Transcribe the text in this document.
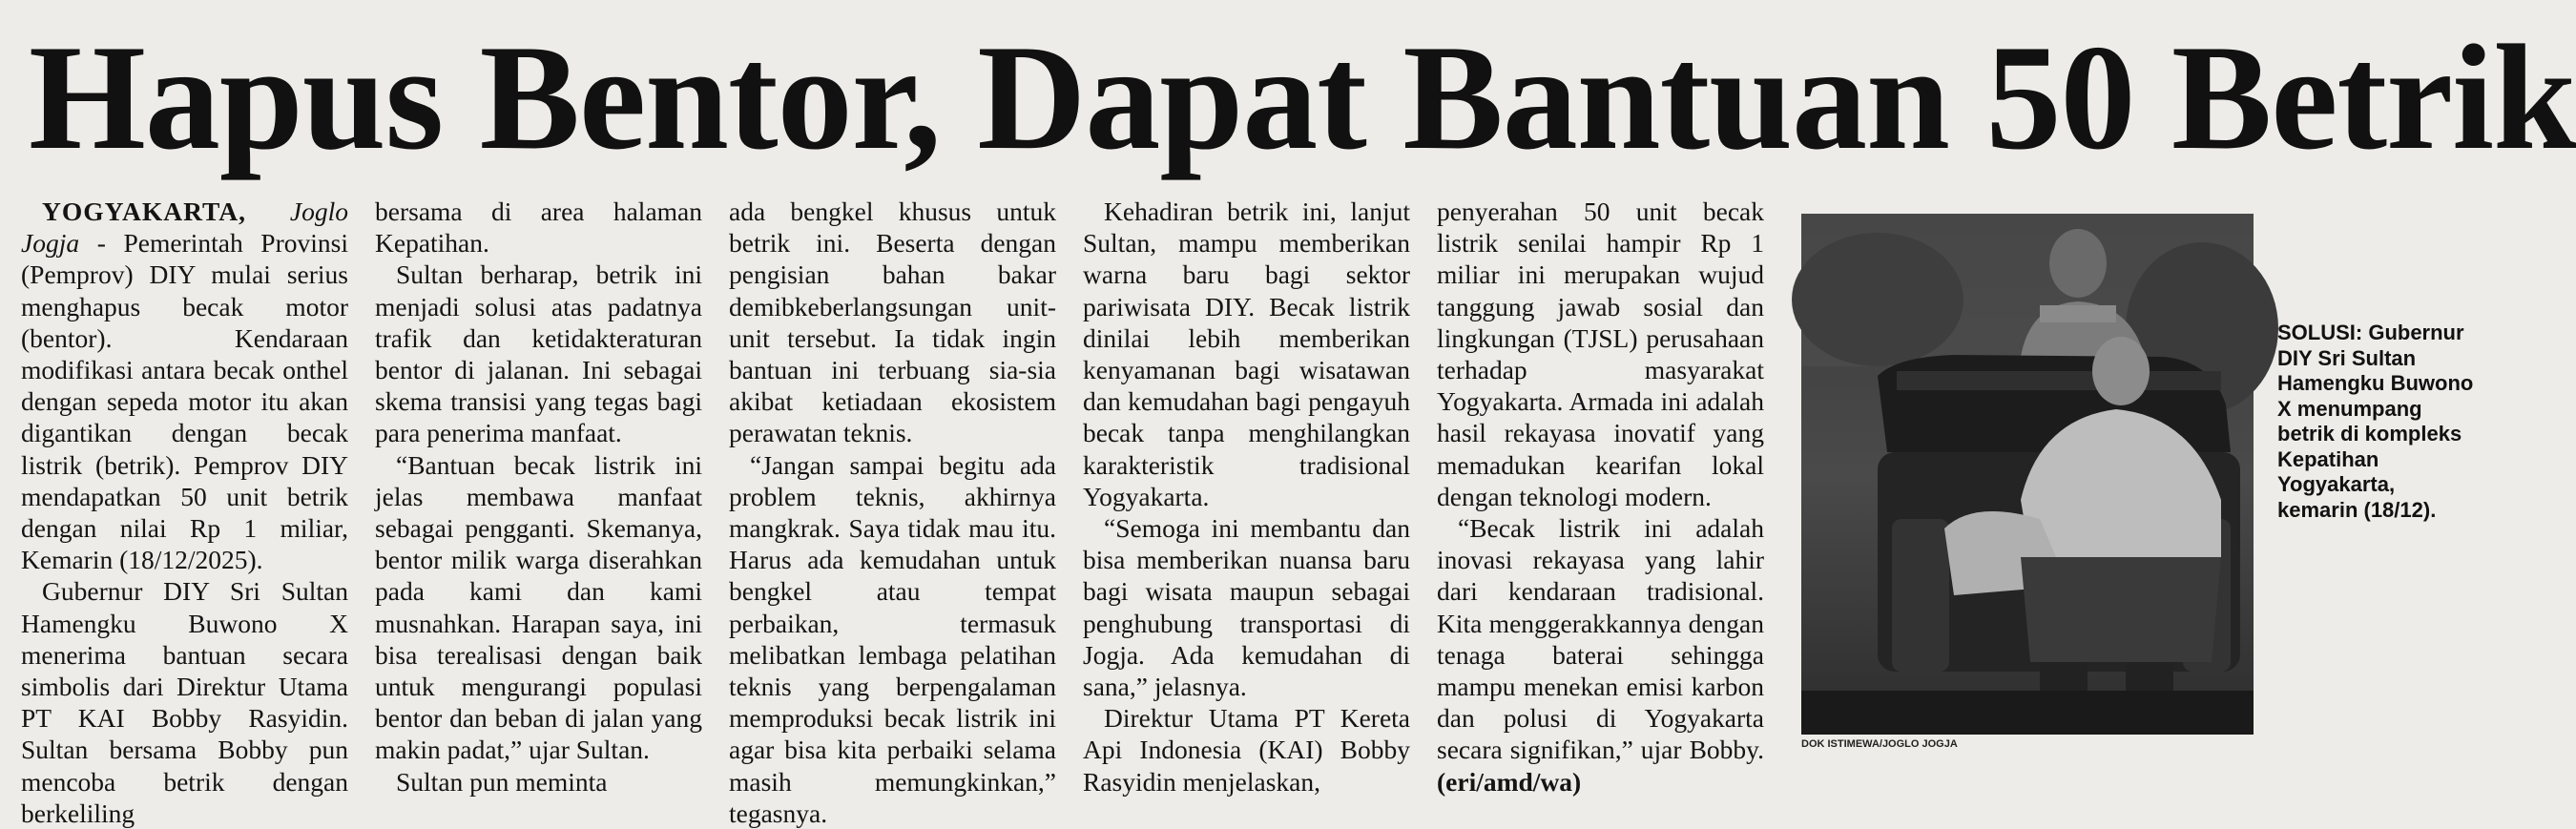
Hapus Bentor, Dapat Bantuan 50 Betrik

YOGYAKARTA, Joglo Jogja - Pemerintah Provinsi (Pemprov) DIY mulai serius menghapus becak motor (bentor). Kendaraan modifikasi antara becak onthel dengan sepeda motor itu akan digantikan dengan becak listrik (betrik). Pemprov DIY mendapatkan 50 unit betrik dengan nilai Rp 1 miliar, Kemarin (18/12/2025).

Gubernur DIY Sri Sultan Hamengku Buwono X menerima bantuan secara simbolis dari Direktur Utama PT KAI Bobby Rasyidin. Sultan bersama Bobby pun mencoba betrik dengan berkeliling

bersama di area halaman Kepatihan.

Sultan berharap, betrik ini menjadi solusi atas padatnya trafik dan ketidakteraturan bentor di jalanan. Ini sebagai skema transisi yang tegas bagi para penerima manfaat.

“Bantuan becak listrik ini jelas membawa manfaat sebagai pengganti. Skemanya, bentor milik warga diserahkan pada kami dan kami musnahkan. Harapan saya, ini bisa terealisasi dengan baik untuk mengurangi populasi bentor dan beban di jalan yang makin padat,” ujar Sultan.

Sultan pun meminta

ada bengkel khusus untuk betrik ini. Beserta dengan pengisian bahan bakar demibkeberlangsungan unit-unit tersebut. Ia tidak ingin bantuan ini terbuang sia-sia akibat ketiadaan ekosistem perawatan teknis.

“Jangan sampai begitu ada problem teknis, akhirnya mangkrak. Saya tidak mau itu. Harus ada kemudahan untuk bengkel atau tempat perbaikan, termasuk melibatkan lembaga pelatihan teknis yang berpengalaman memproduksi becak listrik ini agar bisa kita perbaiki selama masih memungkinkan,” tegasnya.

Kehadiran betrik ini, lanjut Sultan, mampu memberikan warna baru bagi sektor pariwisata DIY. Becak listrik dinilai lebih memberikan kenyamanan bagi wisatawan dan kemudahan bagi pengayuh becak tanpa menghilangkan karakteristik tradisional Yogyakarta.

“Semoga ini membantu dan bisa memberikan nuansa baru bagi wisata maupun sebagai penghubung transportasi di Jogja. Ada kemudahan di sana,” jelasnya.

Direktur Utama PT Kereta Api Indonesia (KAI) Bobby Rasyidin menjelaskan,

penyerahan 50 unit becak listrik senilai hampir Rp 1 miliar ini merupakan wujud tanggung jawab sosial dan lingkungan (TJSL) perusahaan terhadap masyarakat Yogyakarta. Armada ini adalah hasil rekayasa inovatif yang memadukan kearifan lokal dengan teknologi modern.

“Becak listrik ini adalah inovasi rekayasa yang lahir dari kendaraan tradisional. Kita menggerakkannya dengan tenaga baterai sehingga mampu menekan emisi karbon dan polusi di Yogyakarta secara signifikan,” ujar Bobby. (eri/amd/wa)

DOK ISTIMEWA/JOGLO JOGJA
SOLUSI: Gubernur DIY Sri Sultan Hamengku Buwono X menumpang betrik di kompleks Kepatihan Yogyakarta, kemarin (18/12).
